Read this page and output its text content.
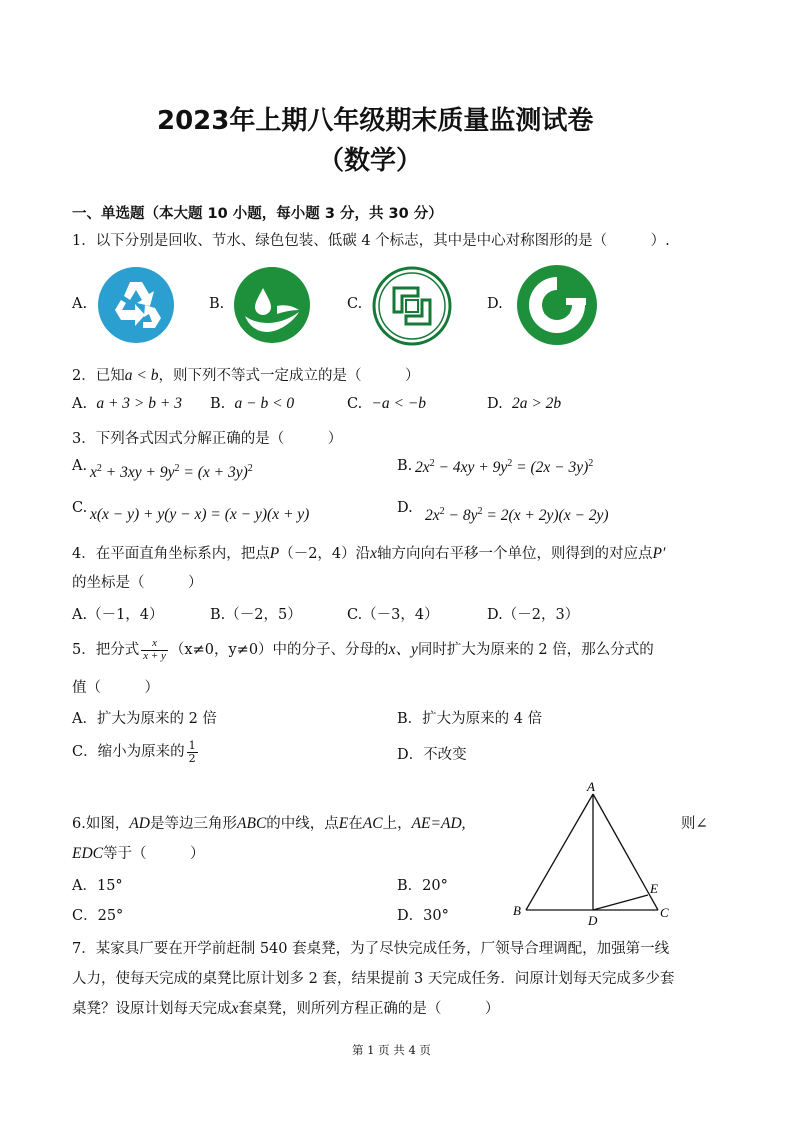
2023年上期八年级期末质量监测试卷
（数学）
一、单选题（本大题 10 小题，每小题 3 分，共 30 分）
1．以下分别是回收、节水、绿色包装、低碳 4 个标志，其中是中心对称图形的是（　　　）.
A.	B.	C.	D.
2．已知a < b，则下列不等式一定成立的是（　　　）
A. a + 3 > b + 3 B. a − b < 0	C. −a < −b	D. 2a > 2b
3．下列各式因式分解正确的是（　　　）
A. $x^2 + 3xy + 9y^2 = (x + 3y)^2$	B. $2x^2 - 4xy + 9y^2 = (2x - 3y)^2$
C. x(x − y) + y(y − x) = (x − y)(x + y)	D. $2x^2 - 8y^2 = 2(x + 2y)(x - 2y)$
4．在平面直角坐标系内，把点P（－2，4）沿x轴方向向右平移一个单位，则得到的对应点P′
的坐标是（　　　）
A.（－1，4）	B.（－2，5）	C.（－3，4）	D.（－2，3）
5．把分式 $\frac{x}{x + y} (x\ne 0$，y≠0）中的分子、分母的x、y同时扩大为原来的 2 倍，那么分式的
值（　　　）
A．扩大为原来的 2 倍	B．扩大为原来的 4 倍
C．缩小为原来的 $\frac{1}{2}$	D．不改变
6.如图，AD是等边三角形ABC的中线，点E在AC上，AE=AD,	则∠
EDC等于（　　　）
A．15°	B．20°
C．25°	D．30°
A
B	C
D
E
7．某家具厂要在开学前赶制 540 套桌凳，为了尽快完成任务，厂领导合理调配，加强第一线
人力，使每天完成的桌凳比原计划多 2 套，结果提前 3 天完成任务．问原计划每天完成多少套
桌凳？设原计划每天完成x套桌凳，则所列方程正确的是（　　　）
第 1 页 共 4 页
